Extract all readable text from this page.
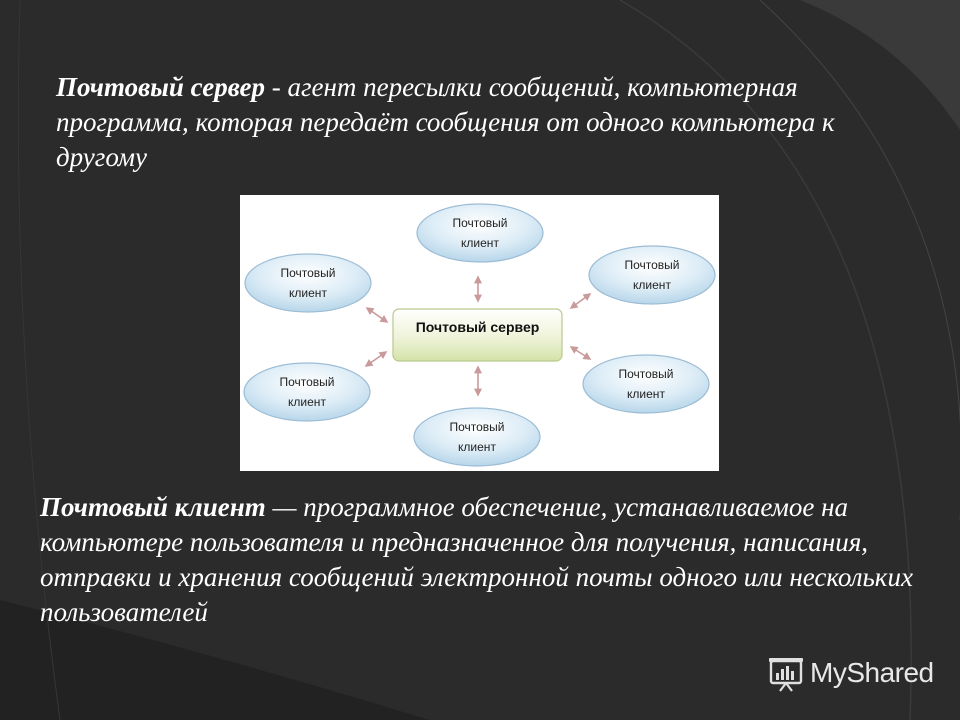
Почтовый сервер - агент пересылки сообщений, компьютерная программа, которая передаёт сообщения от одного компьютера к другому

Почтовый сервер
Почтовый
клиент
Почтовый
клиент
Почтовый
клиент
Почтовый
клиент
Почтовый
клиент
Почтовый
клиент

Почтовый клиент — программное обеспечение, устанавливаемое на компьютере пользователя и предназначенное для получения, написания, отправки и хранения сообщений электронной почты одного или нескольких пользователей

MyShared
